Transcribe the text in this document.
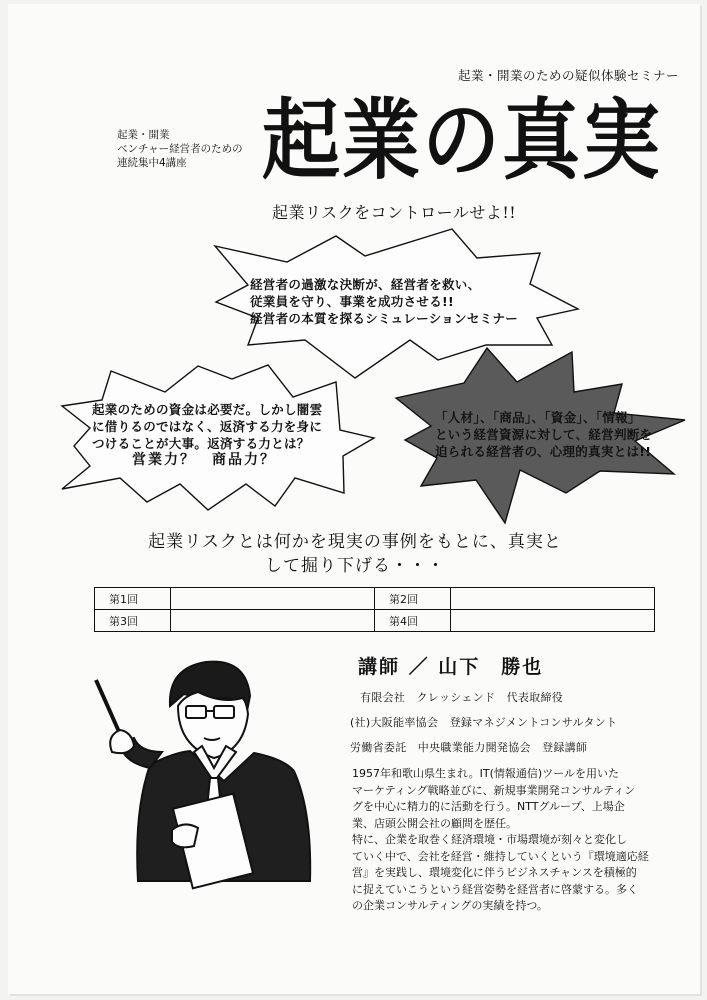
起業・開業のための疑似体験セミナー
起業・開業
ベンチャー経営者のための
連続集中4講座 起業の真実
起業リスクをコントロールせよ!!
経営者の過激な決断が、経営者を救い、
従業員を守り、事業を成功させる!!
経営者の本質を探るシミュレーションセミナー
起業のための資金は必要だ。しかし闇雲
に借りるのではなく、返済する力を身に
つけることが大事。返済する力とは？
営業力？　商品力？
「人材」、「商品」、「資金」、「情報」
という経営資源に対して、経営判断を
迫られる経営者の、心理的真実とは!!
起業リスクとは何かを現実の事例をもとに、真実と
して掘り下げる・・・
第1回		第2回	
第3回		第4回	
講師 ／ 山下　勝也
有限会社　クレッシェンド　代表取締役
(社)大阪能率協会　登録マネジメントコンサルタント
労働省委託　中央職業能力開発協会　登録講師

1957年和歌山県生まれ。IT(情報通信)ツールを用いた

マーケティング戦略並びに、新規事業開発コンサルティン

グを中心に精力的に活動を行う。NTTグループ、上場企

業、店頭公開会社の顧問を歴任。

特に、企業を取巻く経済環境・市場環境が刻々と変化し

ていく中で、会社を経営・維持していくという『環境適応経

営』を実践し、環境変化に伴うビジネスチャンスを積極的

に捉えていこうという経営姿勢を経営者に啓蒙する。多く

の企業コンサルティングの実績を持つ。
